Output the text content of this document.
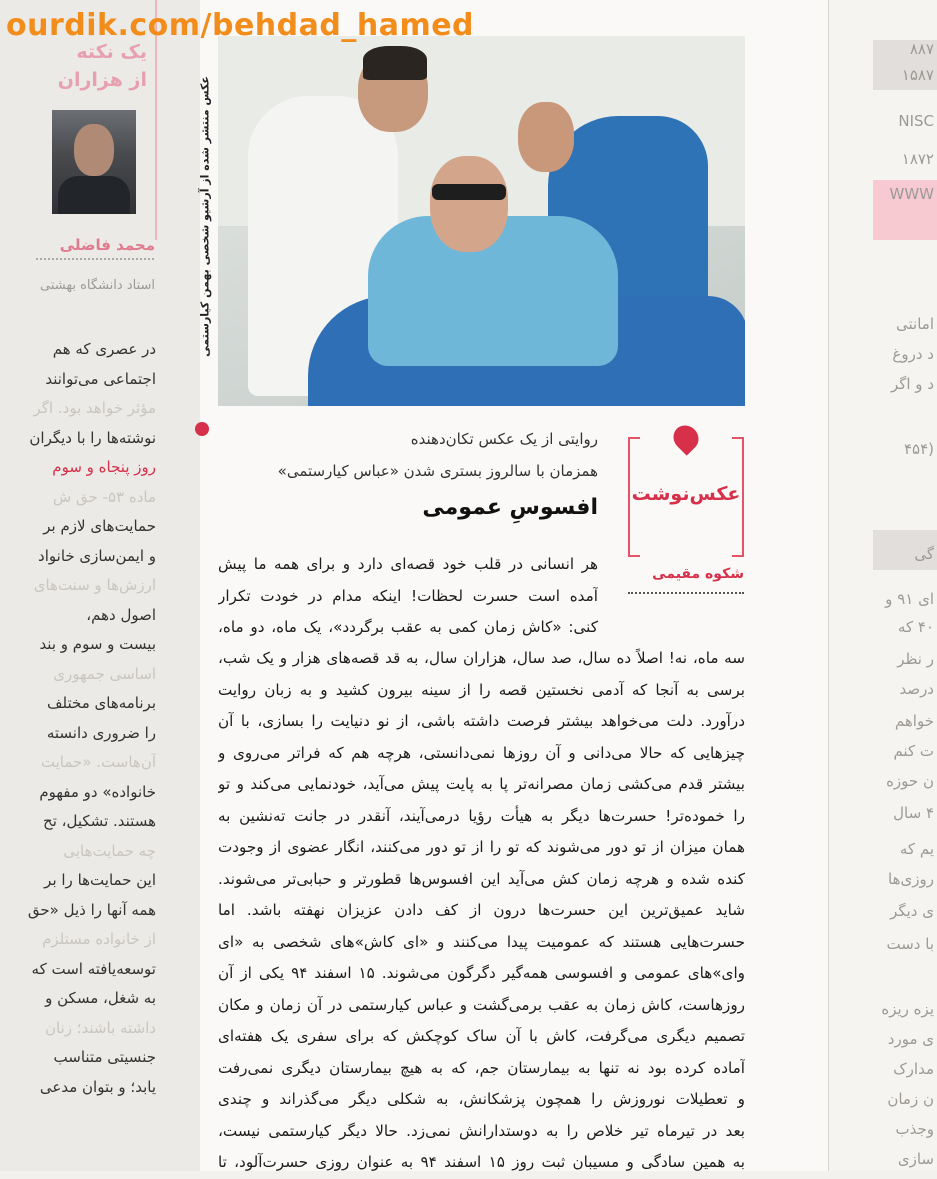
یک نکته
از هزاران
محمد فاضلی
استاد دانشگاه بهشتی
در عصری که هم
اجتماعی می‌توانند
مؤثر خواهد بود. اگر
نوشته‌ها را با دیگران
روز پنجاه و سوم
ماده ۵۳- حق ش
حمایت‌های لازم بر
و ایمن‌سازی خانواد
ارزش‌ها و سنت‌های
اصول دهم،
بیست و سوم و بند
اساسی جمهوری
برنامه‌های مختلف
را ضروری دانسته
آن‌هاست. «حمایت
خانواده» دو مفهوم
هستند. تشکیل، تح
چه حمایت‌هایی
این حمایت‌ها را بر
همه آنها را ذیل «حق
از خانواده مستلزم
توسعه‌یافته است که
به شغل، مسکن و
داشته باشند؛ زنان
جنسیتی متناسب
یابد؛ و بتوان مدعی
۸۸۷
۱۵۸۷
NISC
۱۸۷۲
WWW
امانتی
د دروغ
د و اگر
(۴۵۴
گی
ای ۹۱ و
۴۰ که
ر نظر
درصد
خواهم
ت کنم
ن حوزه
۴ سال
یم که
روزی‌ها
ی دیگر
با دست
یزه ریزه
ی مورد
مدارک
ن زمان
وجذب
سازی
عکس منتشر شده از آرشیو شخصی بهمن کیارستمی
روایتی از یک عکس تکان‌دهنده
همزمان با سالروز بستری شدن «عباس کیارستمی»
افسوسِ عمومی
عکس‌نوشت
شکوه مقیمی
هر انسانی در قلب خود قصه‌ای دارد و برای همه ما پیش
آمده است حسرت لحظات! اینکه مدام در خودت تکرار
کنی: «کاش زمان کمی به عقب برگردد»، یک ماه، دو ماه،
سه ماه، نه! اصلاً ده سال، صد سال، هزاران سال، به قد قصه‌های هزار و یک شب،
برسی به آنجا که آدمی نخستین قصه را از سینه بیرون کشید و به زبان روایت
درآورد. دلت می‌خواهد بیشتر فرصت داشته باشی، از نو دنیایت را بسازی، با آن
چیزهایی که حالا می‌دانی و آن روزها نمی‌دانستی، هرچه هم که فراتر می‌روی و
بیشتر قدم می‌کشی زمان مصرانه‌تر پا به پایت پیش می‌آید، خودنمایی می‌کند و تو
را خموده‌تر! حسرت‌ها دیگر به هیأت رؤیا درمی‌آیند، آنقدر در جانت ته‌نشین به
همان میزان از تو دور می‌شوند که تو را از تو دور می‌کنند، انگار عضوی از وجودت
کنده شده و هرچه زمان کش می‌آید این افسوس‌ها قطورتر و حبابی‌تر می‌شوند.
شاید عمیق‌ترین این حسرت‌ها درون از کف دادن عزیزان نهفته باشد. اما
حسرت‌هایی هستند که عمومیت پیدا می‌کنند و «ای کاش»‌های شخصی به «ای
وای»‌های عمومی و افسوسی همه‌گیر دگرگون می‌شوند. ۱۵ اسفند ۹۴ یکی از آن
روزهاست، کاش زمان به عقب برمی‌گشت و عباس کیارستمی در آن زمان و مکان
تصمیم دیگری می‌گرفت، کاش با آن ساک کوچکش که برای سفری یک هفته‌ای
آماده کرده بود نه تنها به بیمارستان جم، که به هیچ بیمارستان دیگری نمی‌رفت
و تعطیلات نوروزش را همچون پزشکانش، به شکلی دیگر می‌گذراند و چندی
بعد در تیرماه تیر خلاص را به دوستدارانش نمی‌زد. حالا دیگر کیارستمی نیست،
به همین سادگی و مسیبان ثبت روز ۱۵ اسفند ۹۴ به عنوان روزی حسرت‌آلود، تا
ourdik.com/behdad_hamed
